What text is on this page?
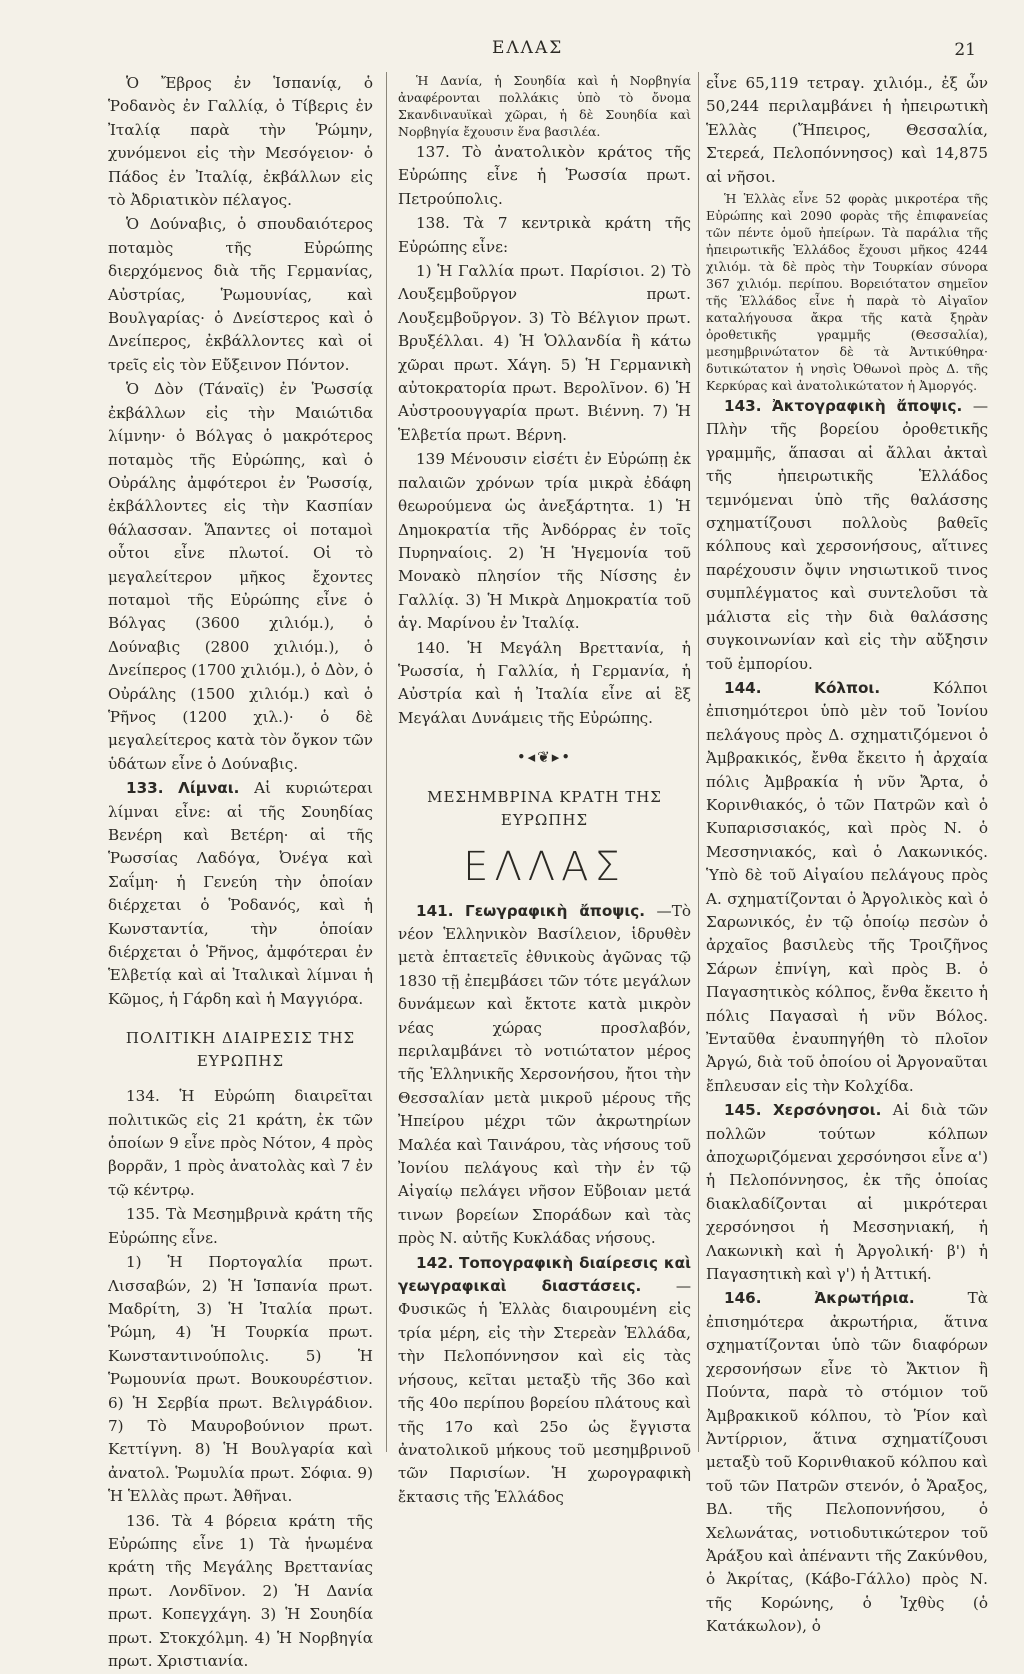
ΕΛΛΑΣ	21

Ὁ Ἔβρος ἐν Ἱσπανίᾳ, ὁ Ῥοδανὸς ἐν Γαλλίᾳ, ὁ Τίβερις ἐν Ἰταλίᾳ παρὰ τὴν Ῥώμην, χυνόμενοι εἰς τὴν Μεσόγειον· ὁ Πάδος ἐν Ἰταλίᾳ, ἐκβάλλων εἰς τὸ Ἀδριατικὸν πέλαγος.

Ὁ Δούναβις, ὁ σπουδαιότερος ποταμὸς τῆς Εὐρώπης διερχόμενος διὰ τῆς Γερμανίας, Αὐστρίας, Ῥωμουνίας, καὶ Βουλγαρίας· ὁ Δνείστερος καὶ ὁ Δνείπερος, ἐκβάλλοντες καὶ οἱ τρεῖς εἰς τὸν Εὔξεινον Πόντον.

Ὁ Δὸν (Τάναϊς) ἐν Ῥωσσίᾳ ἐκβάλλων εἰς τὴν Μαιώτιδα λίμνην· ὁ Βόλγας ὁ μακρότερος ποταμὸς τῆς Εὐρώπης, καὶ ὁ Οὐράλης ἀμφότεροι ἐν Ῥωσσίᾳ, ἐκβάλλοντες εἰς τὴν Κασπίαν θάλασσαν. Ἅπαντες οἱ ποταμοὶ οὗτοι εἶνε πλωτοί. Οἱ τὸ μεγαλείτερον μῆκος ἔχοντες ποταμοὶ τῆς Εὐρώπης εἶνε ὁ Βόλγας (3600 χιλιόμ.), ὁ Δούναβις (2800 χιλιόμ.), ὁ Δνείπερος (1700 χιλιόμ.), ὁ Δὸν, ὁ Οὐράλης (1500 χιλιόμ.) καὶ ὁ Ῥῆνος (1200 χιλ.)· ὁ δὲ μεγαλείτερος κατὰ τὸν ὄγκον τῶν ὑδάτων εἶνε ὁ Δούναβις.

133. Λίμναι. Αἱ κυριώτεραι λίμναι εἶνε: αἱ τῆς Σουηδίας Βενέρη καὶ Βετέρη· αἱ τῆς Ῥωσσίας Λαδόγα, Ὀνέγα καὶ Σαΐμη· ἡ Γενεύη τὴν ὁποίαν διέρχεται ὁ Ῥοδανός, καὶ ἡ Κωνσταντία, τὴν ὁποίαν διέρχεται ὁ Ῥῆνος, ἀμφότεραι ἐν Ἑλβετίᾳ καὶ αἱ Ἰταλικαὶ λίμναι ἡ Κῶμος, ἡ Γάρδη καὶ ἡ Μαγγιόρα.

ΠΟΛΙΤΙΚΗ ΔΙΑΙΡΕΣΙΣ ΤΗΣ ΕΥΡΩΠΗΣ

134. Ἡ Εὐρώπη διαιρεῖται πολιτικῶς εἰς 21 κράτη, ἐκ τῶν ὁποίων 9 εἶνε πρὸς Νότον, 4 πρὸς βορρᾶν, 1 πρὸς ἀνατολὰς καὶ 7 ἐν τῷ κέντρῳ.

135. Τὰ Μεσημβρινὰ κράτη τῆς Εὐρώπης εἶνε.

1) Ἡ Πορτογαλία πρωτ. Λισσαβών, 2) Ἡ Ἱσπανία πρωτ. Μαδρίτη, 3) Ἡ Ἰταλία πρωτ. Ῥώμη, 4) Ἡ Τουρκία πρωτ. Κωνσταντινούπολις. 5) Ἡ Ῥωμουνία πρωτ. Βουκουρέστιον. 6) Ἡ Σερβία πρωτ. Βελιγράδιον. 7) Τὸ Μαυροβούνιον πρωτ. Κεττίγνη. 8) Ἡ Βουλγαρία καὶ ἀνατολ. Ῥωμυλία πρωτ. Σόφια. 9) Ἡ Ἑλλὰς πρωτ. Ἀθῆναι.

136. Τὰ 4 βόρεια κράτη τῆς Εὐρώπης εἶνε 1) Τὰ ἡνωμένα κράτη τῆς Μεγάλης Βρεττανίας πρωτ. Λονδῖνον. 2) Ἡ Δανία πρωτ. Κοπεγχάγη. 3) Ἡ Σουηδία πρωτ. Στοκχόλμη. 4) Ἡ Νορβηγία πρωτ. Χριστιανία.

Ἡ Δανία, ἡ Σουηδία καὶ ἡ Νορβηγία ἀναφέρονται πολλάκις ὑπὸ τὸ ὄνομα Σκανδιναυϊκαὶ χῶραι, ἡ δὲ Σουηδία καὶ Νορβηγία ἔχουσιν ἕνα βασιλέα.

137. Τὸ ἀνατολικὸν κράτος τῆς Εὐρώπης εἶνε ἡ Ῥωσσία πρωτ. Πετρούπολις.

138. Τὰ 7 κεντρικὰ κράτη τῆς Εὐρώπης εἶνε:

1) Ἡ Γαλλία πρωτ. Παρίσιοι. 2) Τὸ Λουξεμβοῦργον πρωτ. Λουξεμβοῦργον. 3) Τὸ Βέλγιον πρωτ. Βρυξέλλαι. 4) Ἡ Ὁλλανδία ἢ κάτω χῶραι πρωτ. Χάγη. 5) Ἡ Γερμανικὴ αὐτοκρατορία πρωτ. Βερολῖνον. 6) Ἡ Αὐστροουγγαρία πρωτ. Βιέννη. 7) Ἡ Ἑλβετία πρωτ. Βέρνη.

139 Μένουσιν εἰσέτι ἐν Εὐρώπῃ ἐκ παλαιῶν χρόνων τρία μικρὰ ἐδάφη θεωρούμενα ὡς ἀνεξάρτητα. 1) Ἡ Δημοκρατία τῆς Ἀνδόρρας ἐν τοῖς Πυρηναίοις. 2) Ἡ Ἡγεμονία τοῦ Μονακὸ πλησίον τῆς Νίσσης ἐν Γαλλίᾳ. 3) Ἡ Μικρὰ Δημοκρατία τοῦ ἁγ. Μαρίνου ἐν Ἰταλίᾳ.

140. Ἡ Μεγάλη Βρεττανία, ἡ Ῥωσσία, ἡ Γαλλία, ἡ Γερμανία, ἡ Αὐστρία καὶ ἡ Ἰταλία εἶνε αἱ ἓξ Μεγάλαι Δυνάμεις τῆς Εὐρώπης.

•◂❦▸•
ΜΕΣΗΜΒΡΙΝΑ ΚΡΑΤΗ ΤΗΣ ΕΥΡΩΠΗΣ
ΕΛΛΑΣ

141. Γεωγραφικὴ ἄποψις. —Τὸ νέον Ἑλληνικὸν Βασίλειον, ἱδρυθὲν μετὰ ἑπταετεῖς ἐθνικοὺς ἀγῶνας τῷ 1830 τῇ ἐπεμβάσει τῶν τότε μεγάλων δυνάμεων καὶ ἔκτοτε κατὰ μικρὸν νέας χώρας προσλαβόν, περιλαμβάνει τὸ νοτιώτατον μέρος τῆς Ἑλληνικῆς Χερσονήσου, ἤτοι τὴν Θεσσαλίαν μετὰ μικροῦ μέρους τῆς Ἠπείρου μέχρι τῶν ἀκρωτηρίων Μαλέα καὶ Ταινάρου, τὰς νήσους τοῦ Ἰονίου πελάγους καὶ τὴν ἐν τῷ Αἰγαίῳ πελάγει νῆσον Εὔβοιαν μετά τινων βορείων Σποράδων καὶ τὰς πρὸς Ν. αὐτῆς Κυκλάδας νήσους.

142. Τοπογραφικὴ διαίρεσις καὶ γεωγραφικαὶ διαστάσεις. —Φυσικῶς ἡ Ἑλλὰς διαιρουμένη εἰς τρία μέρη, εἰς τὴν Στερεὰν Ἑλλάδα, τὴν Πελοπόννησον καὶ εἰς τὰς νήσους, κεῖται μεταξὺ τῆς 36ο καὶ τῆς 40ο περίπου βορείου πλάτους καὶ τῆς 17ο καὶ 25ο ὡς ἔγγιστα ἀνατολικοῦ μήκους τοῦ μεσημβρινοῦ τῶν Παρισίων. Ἡ χωρογραφικὴ ἔκτασις τῆς Ἑλλάδος

εἶνε 65,119 τετραγ. χιλιόμ., ἐξ ὧν 50,244 περιλαμβάνει ἡ ἠπειρωτικὴ Ἑλλὰς (Ἤπειρος, Θεσσαλία, Στερεά, Πελοπόννησος) καὶ 14,875 αἱ νῆσοι.

Ἡ Ἑλλὰς εἶνε 52 φορὰς μικροτέρα τῆς Εὐρώπης καὶ 2090 φορὰς τῆς ἐπιφανείας τῶν πέντε ὁμοῦ ἠπείρων. Τὰ παράλια τῆς ἠπειρωτικῆς Ἑλλάδος ἔχουσι μῆκος 4244 χιλιόμ. τὰ δὲ πρὸς τὴν Τουρκίαν σύνορα 367 χιλιόμ. περίπου. Βορειότατον σημεῖον τῆς Ἑλλάδος εἶνε ἡ παρὰ τὸ Αἰγαῖον καταλήγουσα ἄκρα τῆς κατὰ ξηρὰν ὀροθετικῆς γραμμῆς (Θεσσαλία), μεσημβρινώτατον δὲ τὰ Ἀντικύθηρα· δυτικώτατον ἡ νησὶς Ὀθωνοὶ πρὸς Δ. τῆς Κερκύρας καὶ ἀνατολικώτατον ἡ Ἀμοργός.

143. Ἀκτογραφικὴ ἄποψις. —Πλὴν τῆς βορείου ὀροθετικῆς γραμμῆς, ἅπασαι αἱ ἄλλαι ἀκταὶ τῆς ἠπειρωτικῆς Ἑλλάδος τεμνόμεναι ὑπὸ τῆς θαλάσσης σχηματίζουσι πολλοὺς βαθεῖς κόλπους καὶ χερσονήσους, αἵτινες παρέχουσιν ὄψιν νησιωτικοῦ τινος συμπλέγματος καὶ συντελοῦσι τὰ μάλιστα εἰς τὴν διὰ θαλάσσης συγκοινωνίαν καὶ εἰς τὴν αὔξησιν τοῦ ἐμπορίου.

144.	Κόλποι.	Κόλποι ἐπισημότεροι ὑπὸ μὲν τοῦ Ἰονίου πελάγους πρὸς Δ. σχηματιζόμενοι ὁ Ἀμβρακικός, ἔνθα ἔκειτο ἡ ἀρχαία πόλις Ἀμβρακία ἡ νῦν Ἄρτα, ὁ Κορινθιακός, ὁ τῶν Πατρῶν καὶ ὁ Κυπαρισσιακός, καὶ πρὸς Ν. ὁ Μεσσηνιακός, καὶ ὁ Λακωνικός. Ὑπὸ δὲ τοῦ Αἰγαίου πελάγους πρὸς Α. σχηματίζονται ὁ Ἀργολικὸς καὶ ὁ Σαρωνικός, ἐν τῷ ὁποίῳ πεσὼν ὁ ἀρχαῖος βασιλεὺς τῆς Τροιζῆνος Σάρων ἐπνίγη, καὶ πρὸς Β. ὁ Παγασητικὸς κόλπος, ἔνθα ἔκειτο ἡ πόλις Παγασαὶ ἡ νῦν Βόλος. Ἐνταῦθα ἐναυπηγήθη τὸ πλοῖον Ἀργώ, διὰ τοῦ ὁποίου οἱ Ἀργοναῦται ἔπλευσαν εἰς τὴν Κολχίδα.

145. Χερσόνησοι. Αἱ διὰ τῶν πολλῶν τούτων κόλπων ἀποχωριζόμεναι χερσόνησοι εἶνε α') ἡ Πελοπόννησος, ἐκ τῆς ὁποίας διακλαδίζονται αἱ μικρότεραι χερσόνησοι ἡ Μεσσηνιακή, ἡ Λακωνικὴ καὶ ἡ Ἀργολική· β') ἡ Παγασητικὴ καὶ γ') ἡ Ἀττική.

146.	Ἀκρωτήρια.	Τὰ ἐπισημότερα ἀκρωτήρια, ἅτινα σχηματίζονται ὑπὸ τῶν διαφόρων χερσονήσων εἶνε τὸ Ἄκτιον ἢ Πούντα, παρὰ τὸ στόμιον τοῦ Ἀμβρακικοῦ κόλπου, τὸ Ῥίον καὶ Ἀντίρριον, ἅτινα σχηματίζουσι μεταξὺ τοῦ Κορινθιακοῦ κόλπου καὶ τοῦ τῶν Πατρῶν στενόν, ὁ Ἄραξος, ΒΔ. τῆς Πελοποννήσου, ὁ Χελωνάτας, νοτιοδυτικώτερον τοῦ Ἀράξου καὶ ἀπέναντι τῆς Ζακύνθου, ὁ Ἀκρίτας, (Κάβο-Γάλλο) πρὸς Ν. τῆς Κορώνης, ὁ Ἰχθὺς (ὁ Κατάκωλον), ὁ
